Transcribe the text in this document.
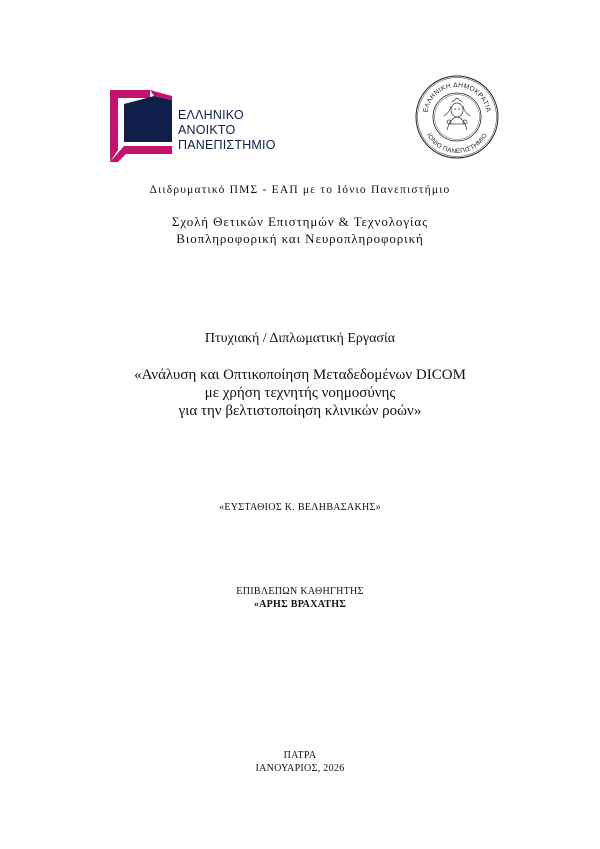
ΕΛΛΗΝΙΚΟ
ΑΝΟΙΚΤΟ
ΠΑΝΕΠΙΣΤΗΜΙΟ
ΕΛΛΗΝΙΚΗ ΔΗΜΟΚΡΑΤΙΑ
ΙΟΝΙΟ ΠΑΝΕΠΙΣΤΗΜΙΟ
Διιδρυματικό ΠΜΣ - ΕΑΠ με το Ιόνιο Πανεπιστήμιο
Σχολή Θετικών Επιστημών & Τεχνολογίας
Βιοπληροφορική και Νευροπληροφορική
Πτυχιακή / Διπλωματική Εργασία
«Ανάλυση και Οπτικοποίηση Μεταδεδομένων DICOM
με χρήση τεχνητής νοημοσύνης
για την βελτιστοποίηση κλινικών ροών»
«ΕΥΣΤΑΘΙΟΣ Κ. ΒΕΛΗΒΑΣΑΚΗΣ»
ΕΠΙΒΛΕΠΩΝ ΚΑΘΗΓΗΤΗΣ
«ΑΡΗΣ ΒΡΑΧΑΤΗΣ
ΠΑΤΡΑ
ΙΑΝΟΥΑΡΙΟΣ, 2026
